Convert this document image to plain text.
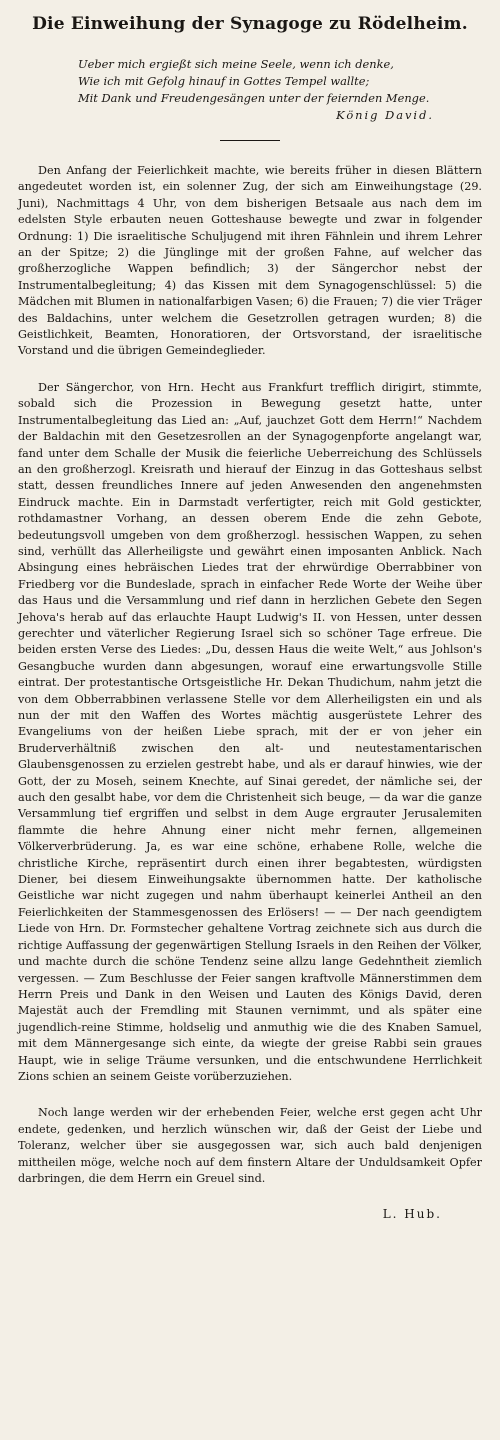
Die Einweihung der Synagoge zu Rödelheim.
Ueber mich ergießt sich meine Seele, wenn ich denke,
Wie ich mit Gefolg hinauf in Gottes Tempel wallte;
Mit Dank und Freudengesängen unter der feiernden Menge.
König David.

Den Anfang der Feierlichkeit machte, wie bereits früher in diesen Blättern angedeutet worden ist, ein solenner Zug, der sich am Einweihungstage (29. Juni), Nachmittags 4 Uhr, von dem bisherigen Betsaale aus nach dem im edelsten Style erbauten neuen Gotteshause bewegte und zwar in folgender Ordnung: 1) Die israelitische Schuljugend mit ihren Fähnlein und ihrem Lehrer an der Spitze; 2) die Jünglinge mit der großen Fahne, auf welcher das großherzogliche Wappen befindlich; 3) der Sängerchor nebst der Instrumentalbegleitung; 4) das Kissen mit dem Synagogenschlüssel: 5) die Mädchen mit Blumen in nationalfarbigen Vasen; 6) die Frauen; 7) die vier Träger des Baldachins, unter welchem die Gesetzrollen getragen wurden; 8) die Geistlichkeit, Beamten, Honoratioren, der Ortsvorstand, der israelitische Vorstand und die übrigen Gemeindeglieder.

Der Sängerchor, von Hrn. Hecht aus Frankfurt trefflich dirigirt, stimmte, sobald sich die Prozession in Bewegung gesetzt hatte, unter Instrumentalbegleitung das Lied an: „Auf, jauchzet Gott dem Herrn!“ Nachdem der Baldachin mit den Gesetzesrollen an der Synagogenpforte angelangt war, fand unter dem Schalle der Musik die feierliche Ueberreichung des Schlüssels an den großherzogl. Kreisrath und hierauf der Einzug in das Gotteshaus selbst statt, dessen freundliches Innere auf jeden Anwesenden den angenehmsten Eindruck machte. Ein in Darmstadt verfertigter, reich mit Gold gestickter, rothdamastner Vorhang, an dessen oberem Ende die zehn Gebote, bedeutungsvoll umgeben von dem großherzogl. hessischen Wappen, zu sehen sind, verhüllt das Allerheiligste und gewährt einen imposanten Anblick. Nach Absingung eines hebräischen Liedes trat der ehrwürdige Oberrabbiner von Friedberg vor die Bundeslade, sprach in einfacher Rede Worte der Weihe über das Haus und die Versammlung und rief dann in herzlichen Gebete den Segen Jehova's herab auf das erlauchte Haupt Ludwig's II. von Hessen, unter dessen gerechter und väterlicher Regierung Israel sich so schöner Tage erfreue. Die beiden ersten Verse des Liedes: „Du, dessen Haus die weite Welt,“ aus Johlson's Gesangbuche wurden dann abgesungen, worauf eine erwartungsvolle Stille eintrat. Der protestantische Ortsgeistliche Hr. Dekan Thudichum, nahm jetzt die von dem Obberrabbinen verlassene Stelle vor dem Allerheiligsten ein und als nun der mit den Waffen des Wortes mächtig ausgerüstete Lehrer des Evangeliums von der heißen Liebe sprach, mit der er von jeher ein Bruderverhältniß zwischen den alt- und neutestamentarischen Glaubensgenossen zu erzielen gestrebt habe, und als er darauf hinwies, wie der Gott, der zu Moseh, seinem Knechte, auf Sinai geredet, der nämliche sei, der auch den gesalbt habe, vor dem die Christenheit sich beuge, — da war die ganze Versammlung tief ergriffen und selbst in dem Auge ergrauter Jerusalemiten flammte die hehre Ahnung einer nicht mehr fernen, allgemeinen Völkerverbrüderung. Ja, es war eine schöne, erhabene Rolle, welche die christliche Kirche, repräsentirt durch einen ihrer begabtesten, würdigsten Diener, bei diesem Einweihungsakte übernommen hatte. Der katholische Geistliche war nicht zugegen und nahm überhaupt keinerlei Antheil an den Feierlichkeiten der Stammesgenossen des Erlösers! — — Der nach geendigtem Liede von Hrn. Dr. Formstecher gehaltene Vortrag zeichnete sich aus durch die richtige Auffassung der gegenwärtigen Stellung Israels in den Reihen der Völker, und machte durch die schöne Tendenz seine allzu lange Gedehntheit ziemlich vergessen. — Zum Beschlusse der Feier sangen kraftvolle Männerstimmen dem Herrn Preis und Dank in den Weisen und Lauten des Königs David, deren Majestät auch der Fremdling mit Staunen vernimmt, und als später eine jugendlich-reine Stimme, holdselig und anmuthig wie die des Knaben Samuel, mit dem Männergesange sich einte, da wiegte der greise Rabbi sein graues Haupt, wie in selige Träume versunken, und die entschwundene Herrlichkeit Zions schien an seinem Geiste vorüberzuziehen.

Noch lange werden wir der erhebenden Feier, welche erst gegen acht Uhr endete, gedenken, und herzlich wünschen wir, daß der Geist der Liebe und Toleranz, welcher über sie ausgegossen war, sich auch bald denjenigen mittheilen möge, welche noch auf dem finstern Altare der Unduldsamkeit Opfer darbringen, die dem Herrn ein Greuel sind.

L. Hub.
